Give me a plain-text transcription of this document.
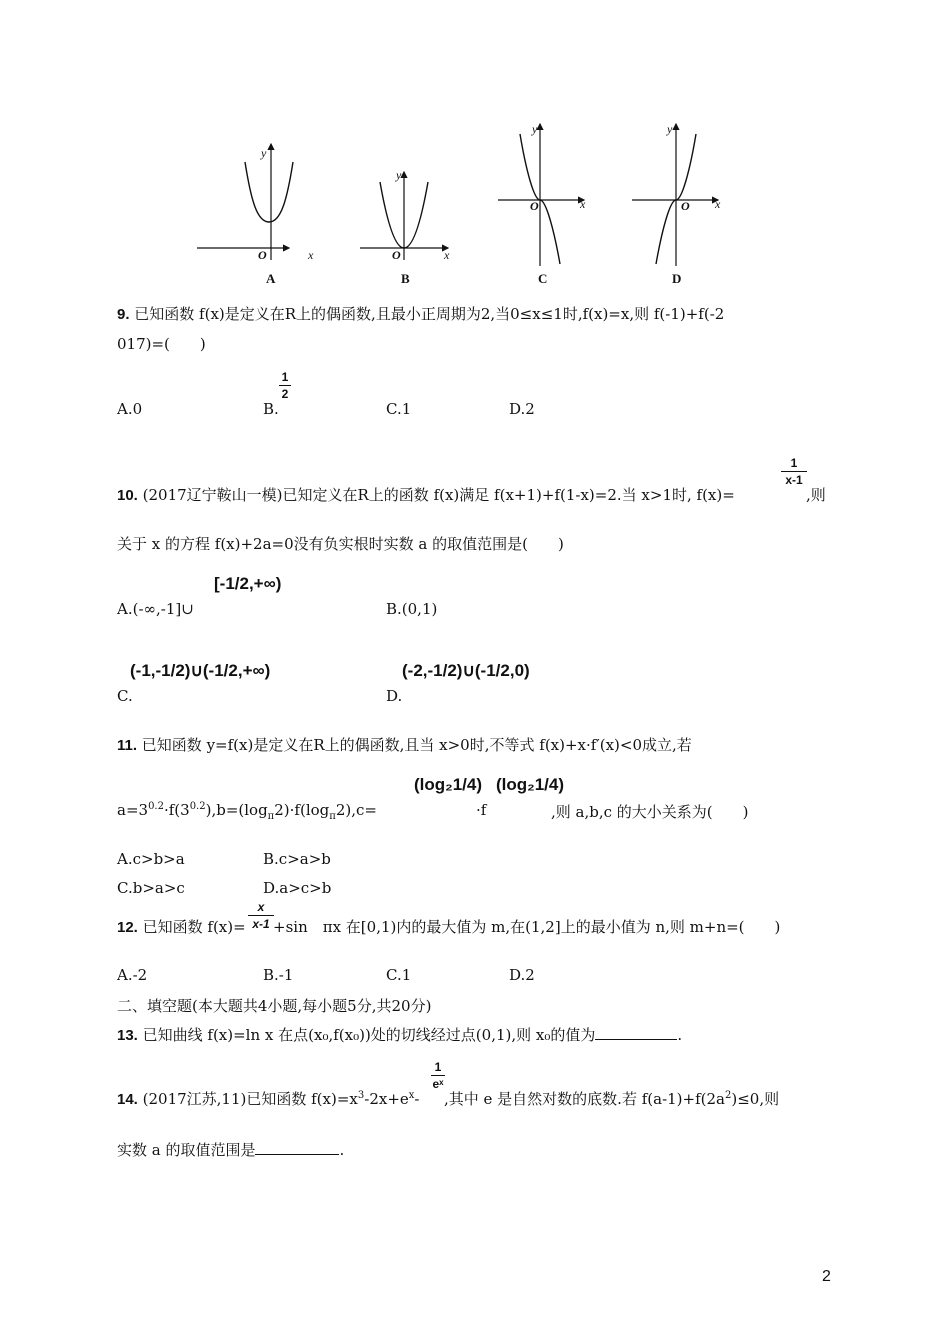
y
x
O
A
y
x
O
B
y
x
O
C
y
x
O
D
9. 已知函数 f(x)是定义在R上的偶函数,且最小正周期为2,当0≤x≤1时,f(x)=x,则 f(-1)+f(-2
017)=(　　)
A.0	B.
1
2
C.1	D.2
10. (2017辽宁鞍山一模)已知定义在R上的函数 f(x)满足 f(x+1)+f(1-x)=2.当 x>1时, f(x)=
1
x-1
,则
关于 x 的方程 f(x)+2a=0没有负实根时实数 a 的取值范围是(　　)
A.(-∞,-1]∪
[-1/2,+∞)
B.(0,1)
C.
(-1,-1/2)∪(-1/2,+∞)
D.
(-2,-1/2)∪(-1/2,0)
11. 已知函数 y=f(x)是定义在R上的偶函数,且当 x>0时,不等式 f(x)+x·f′(x)<0成立,若
$a=3^{0.2}\cdot f(3^{0.2}),b=(\log_\pi 2)\cdot f(\log_\pi 2),c=$
(log₂1/4)
·f
(log₂1/4)
,则 a,b,c 的大小关系为(　　)
A.c>b>a	B.c>a>b
C.b>a>c	D.a>c>b
12. 已知函数 f(x)=
x
x-1 +sin　πx 在[0,1)内的最大值为 m,在(1,2]上的最小值为 n,则 m+n=(　　)
A.-2	B.-1	C.1	D.2
二、填空题(本大题共4小题,每小题5分,共20分)
13. 已知曲线 f(x)=ln x 在点(x₀,f(x₀))处的切线经过点(0,1),则 x₀的值为	.
14. (2017江苏,11)已知函数 $f(x)=x^3-2x+e^x-$
1
eˣ
,其中 e 是自然对数的底数.若 $f(a-1)+f(2a^2)\le 0$,则
实数 a 的取值范围是	.
2
